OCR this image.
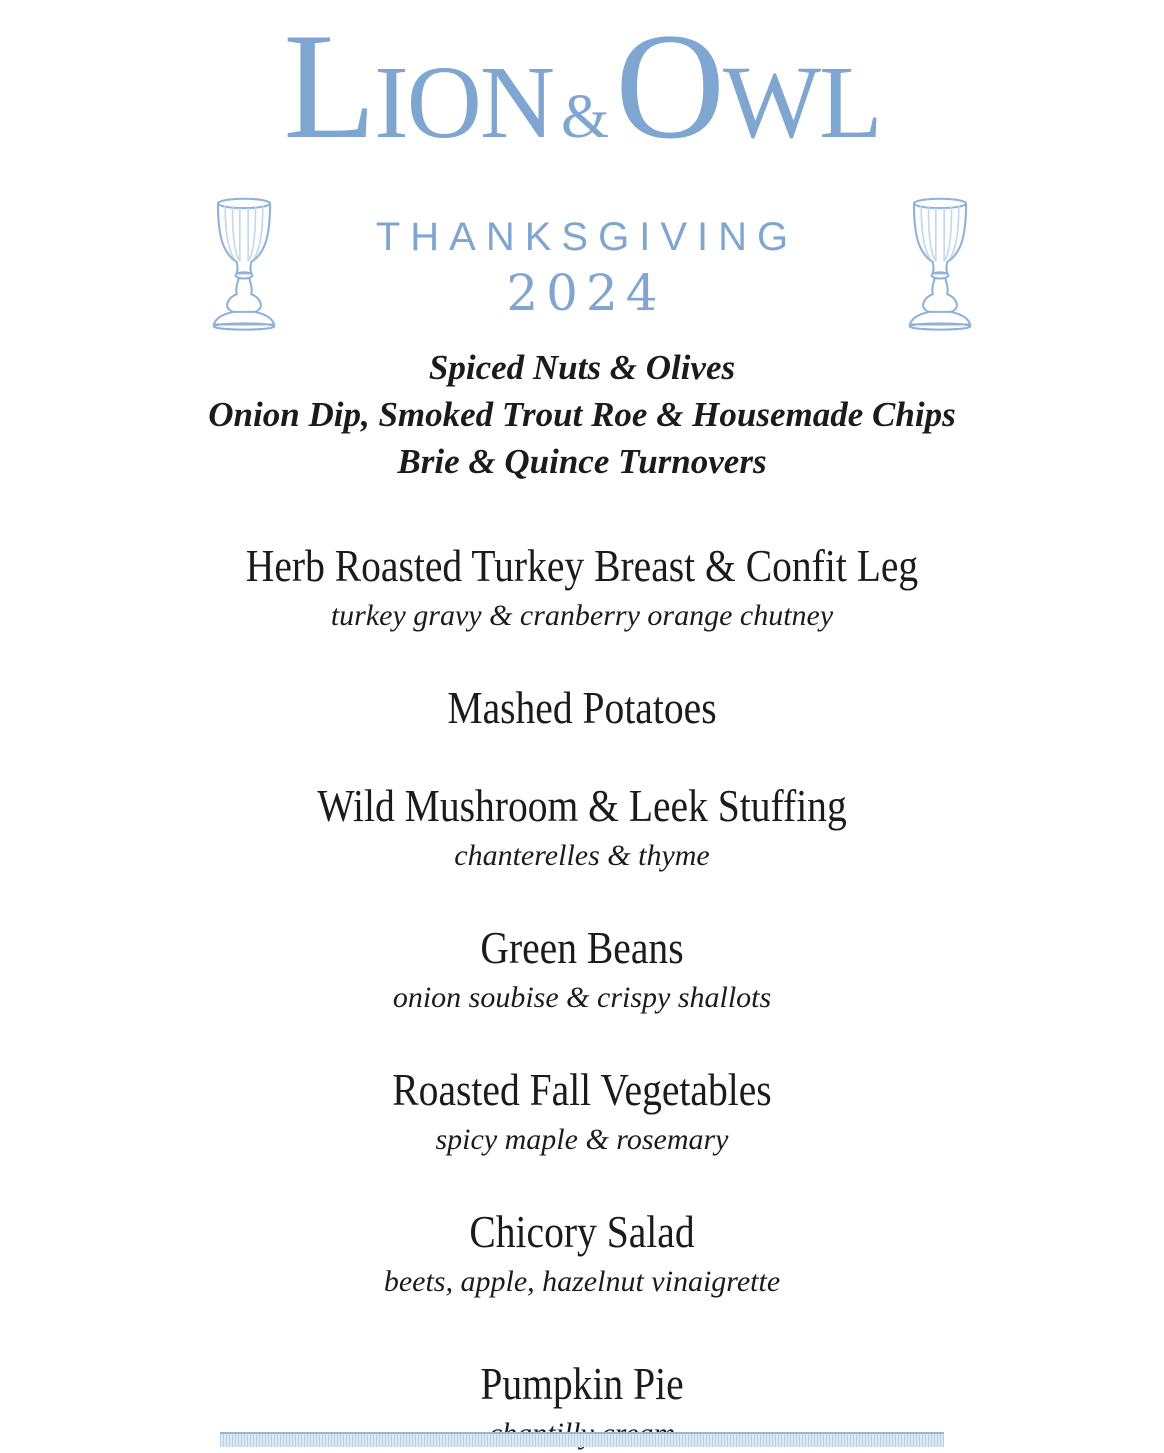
LION &OWL
THANKSGIVING
2024
Spiced Nuts & Olives
Onion Dip, Smoked Trout Roe & Housemade Chips
Brie & Quince Turnovers
Herb Roasted Turkey Breast & Confit Leg
turkey gravy & cranberry orange chutney
Mashed Potatoes
Wild Mushroom & Leek Stuffing
chanterelles & thyme
Green Beans
onion soubise & crispy shallots
Roasted Fall Vegetables
spicy maple & rosemary
Chicory Salad
beets, apple, hazelnut vinaigrette
Pumpkin Pie
